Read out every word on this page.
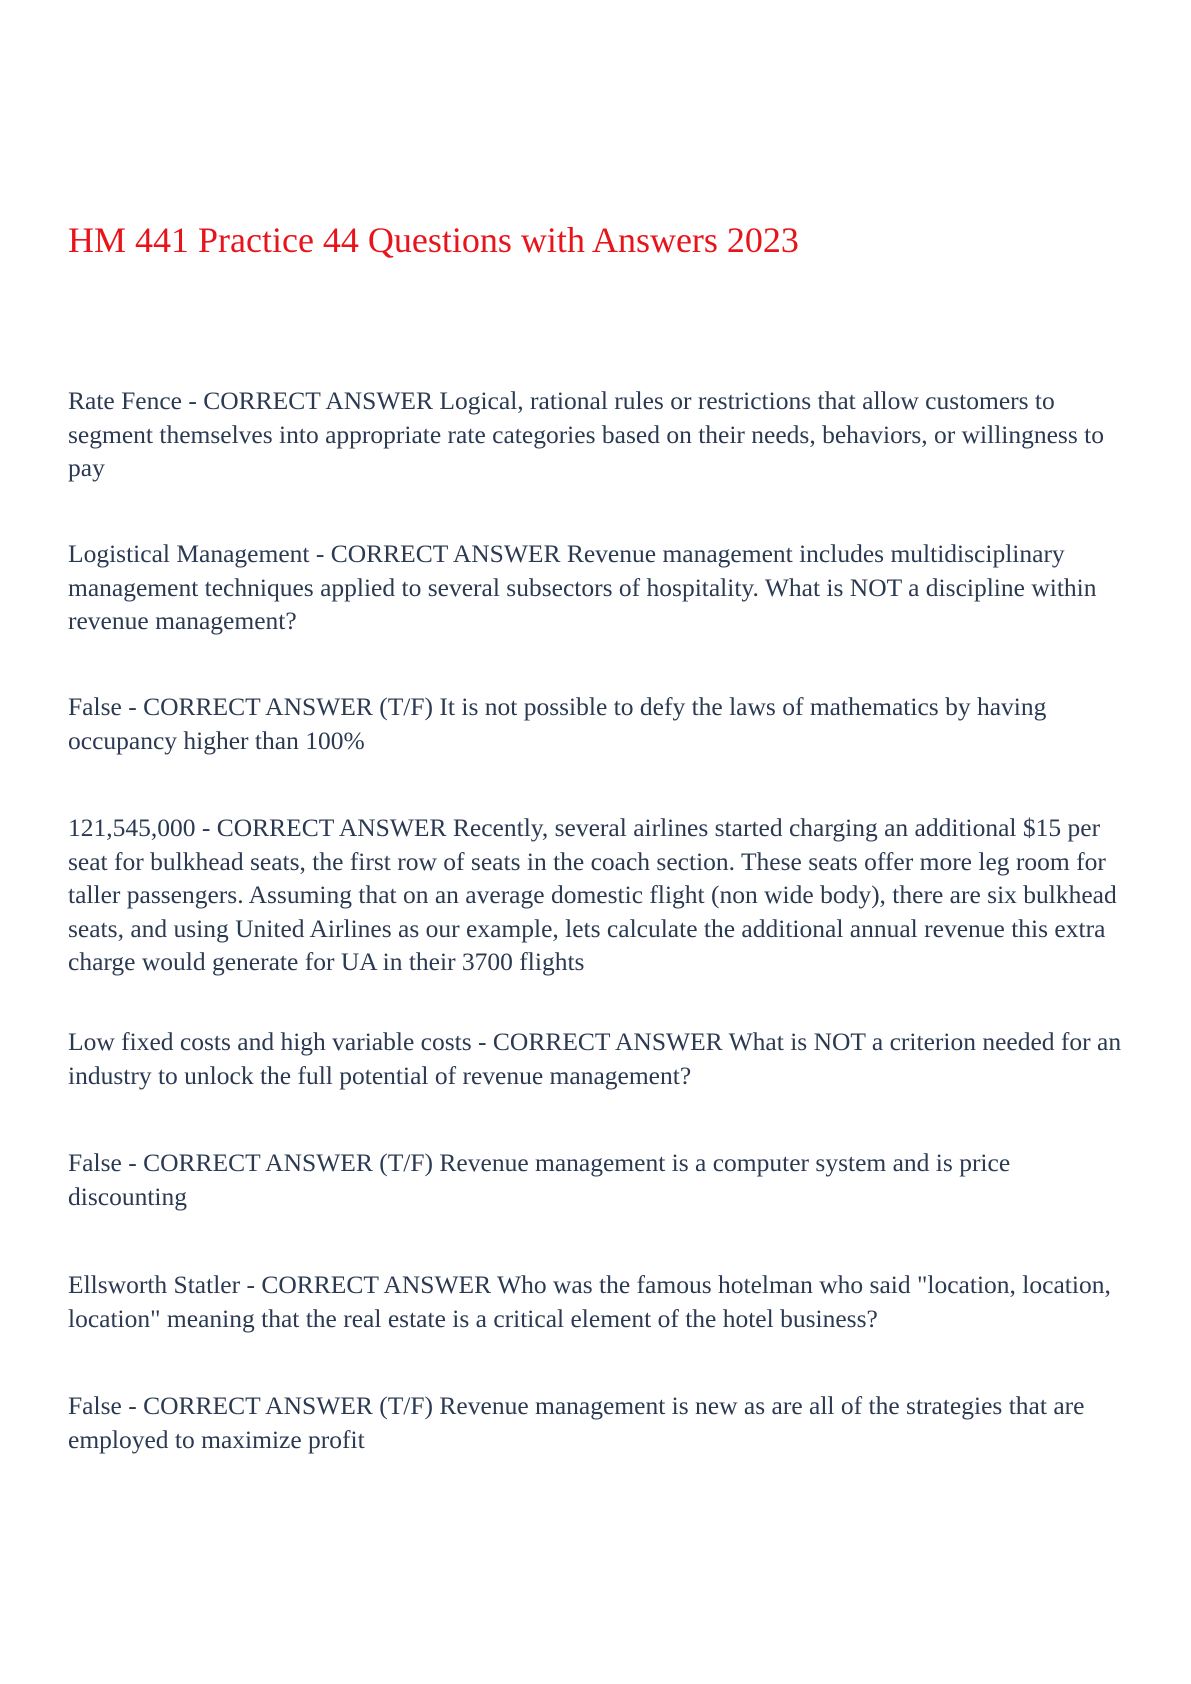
HM 441 Practice 44 Questions with Answers 2023

Rate Fence - CORRECT ANSWER Logical, rational rules or restrictions that allow customers to segment themselves into appropriate rate categories based on their needs, behaviors, or willingness to pay

Logistical Management - CORRECT ANSWER Revenue management includes multidisciplinary management techniques applied to several subsectors of hospitality. What is NOT a discipline within revenue management?

False - CORRECT ANSWER (T/F) It is not possible to defy the laws of mathematics by having occupancy higher than 100%

121,545,000 - CORRECT ANSWER Recently, several airlines started charging an additional $15 per seat for bulkhead seats, the first row of seats in the coach section. These seats offer more leg room for taller passengers. Assuming that on an average domestic flight (non wide body), there are six bulkhead seats, and using United Airlines as our example, lets calculate the additional annual revenue this extra charge would generate for UA in their 3700 flights

Low fixed costs and high variable costs - CORRECT ANSWER What is NOT a criterion needed for an industry to unlock the full potential of revenue management?

False - CORRECT ANSWER (T/F) Revenue management is a computer system and is price discounting

Ellsworth Statler - CORRECT ANSWER Who was the famous hotelman who said "location, location, location" meaning that the real estate is a critical element of the hotel business?

False - CORRECT ANSWER (T/F) Revenue management is new as are all of the strategies that are employed to maximize profit
